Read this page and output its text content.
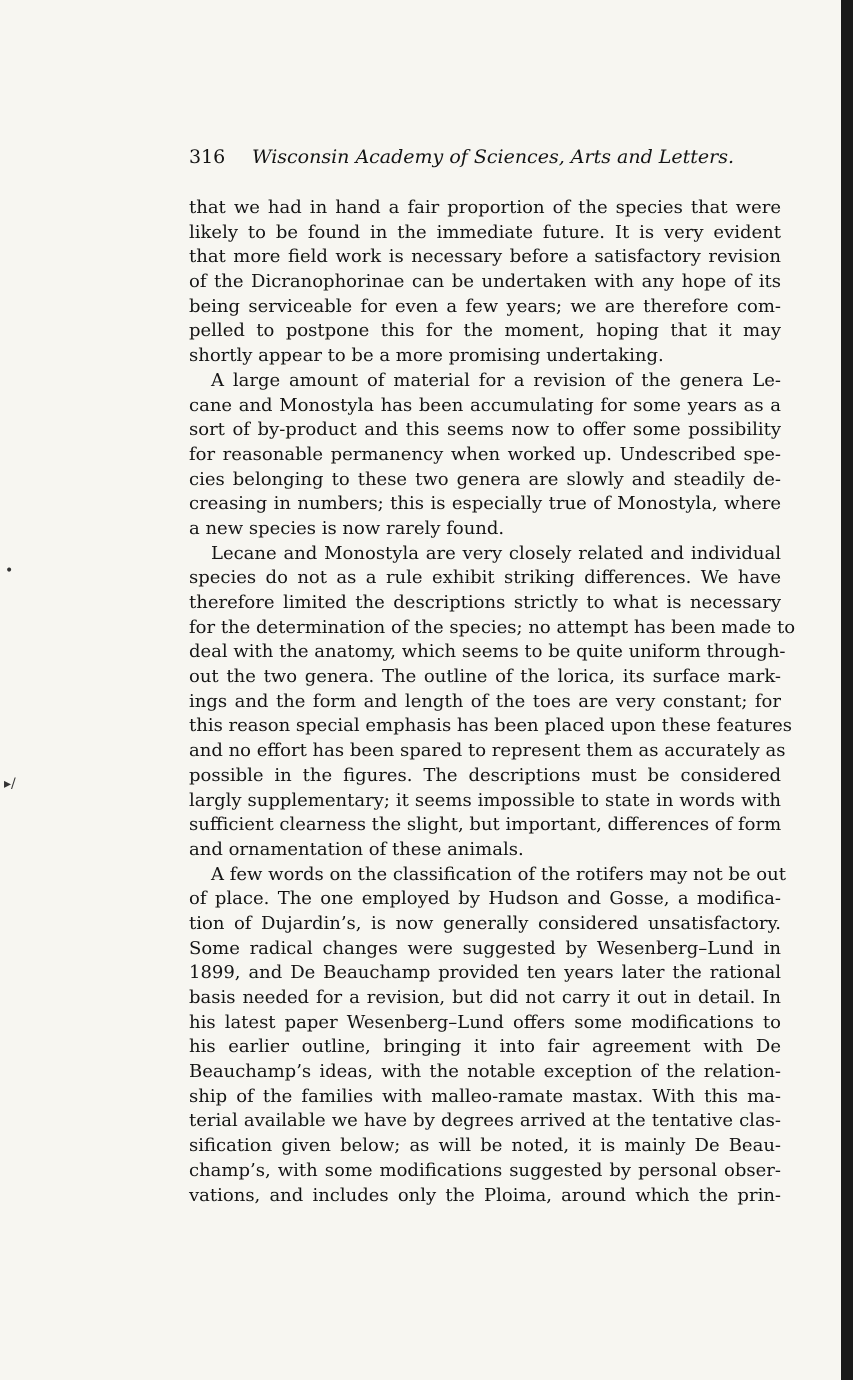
•
▸/
316 Wisconsin Academy of Sciences, Arts and Letters.
that we had in hand a fair proportion of the species that were
likely to be found in the immediate future. It is very evident
that more field work is necessary before a satisfactory revision
of the Dicranophorinae can be undertaken with any hope of its
being serviceable for even a few years; we are therefore com-
pelled to postpone this for the moment, hoping that it may
shortly appear to be a more promising undertaking.
A large amount of material for a revision of the genera Le-
cane and Monostyla has been accumulating for some years as a
sort of by-product and this seems now to offer some possibility
for reasonable permanency when worked up. Undescribed spe-
cies belonging to these two genera are slowly and steadily de-
creasing in numbers; this is especially true of Monostyla, where
a new species is now rarely found.
Lecane and Monostyla are very closely related and individual
species do not as a rule exhibit striking differences. We have
therefore limited the descriptions strictly to what is necessary
for the determination of the species; no attempt has been made to
deal with the anatomy, which seems to be quite uniform through-
out the two genera. The outline of the lorica, its surface mark-
ings and the form and length of the toes are very constant; for
this reason special emphasis has been placed upon these features
and no effort has been spared to represent them as accurately as
possible in the figures. The descriptions must be considered
largly supplementary; it seems impossible to state in words with
sufficient clearness the slight, but important, differences of form
and ornamentation of these animals.
A few words on the classification of the rotifers may not be out
of place. The one employed by Hudson and Gosse, a modifica-
tion of Dujardin’s, is now generally considered unsatisfactory.
Some radical changes were suggested by Wesenberg–Lund in
1899, and De Beauchamp provided ten years later the rational
basis needed for a revision, but did not carry it out in detail. In
his latest paper Wesenberg–Lund offers some modifications to
his earlier outline, bringing it into fair agreement with De
Beauchamp’s ideas, with the notable exception of the relation-
ship of the families with malleo-ramate mastax. With this ma-
terial available we have by degrees arrived at the tentative clas-
sification given below; as will be noted, it is mainly De Beau-
champ’s, with some modifications suggested by personal obser-
vations, and includes only the Ploima, around which the prin-
